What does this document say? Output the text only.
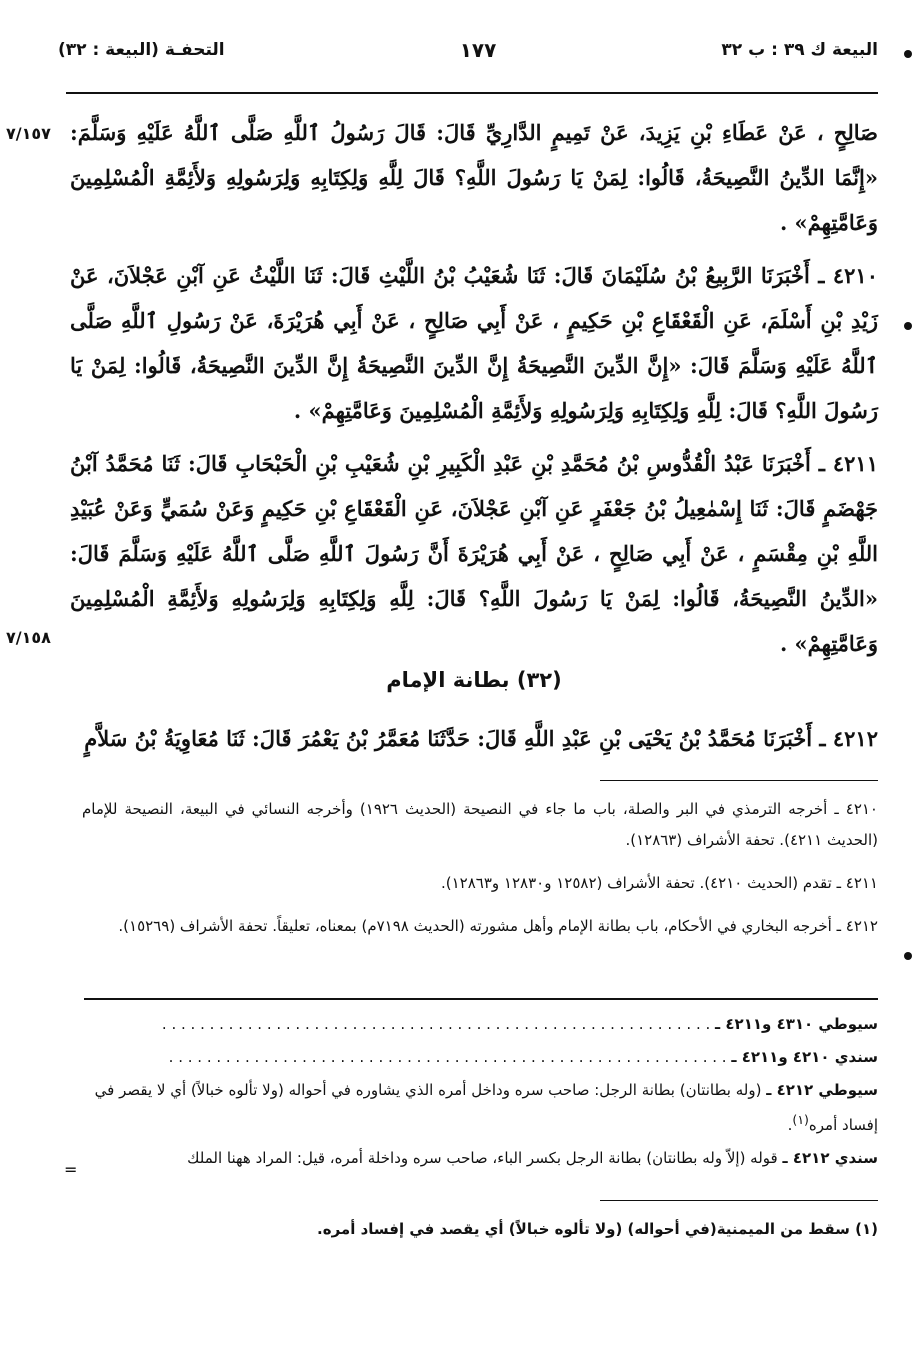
البيعة ك ٣٩ : ب ٣٢
١٧٧
التحفـة (البيعة : ٣٢)
٧/١٥٧
٧/١٥٨

صَالِحٍ ، عَنْ عَطَاءِ بْنِ يَزِيدَ، عَنْ تَمِيمٍ الدَّارِيِّ قَالَ: قَالَ رَسُولُ ٱللَّهِ صَلَّى ٱللَّهُ عَلَيْهِ وَسَلَّمَ: «إِنَّمَا الدِّينُ النَّصِيحَةُ، قَالُوا: لِمَنْ يَا رَسُولَ اللَّهِ؟ قَالَ لِلَّهِ وَلِكِتَابِهِ وَلِرَسُولِهِ وَلأَئِمَّةِ الْمُسْلِمِينَ وَعَامَّتِهِمْ» .

٤٢١٠ ـ أَخْبَرَنَا الرَّبِيعُ بْنُ سُلَيْمَانَ قَالَ: ثَنَا شُعَيْبُ بْنُ اللَّيْثِ قَالَ: ثَنَا اللَّيْثُ عَنِ آبْنِ عَجْلاَنَ، عَنْ زَيْدِ بْنِ أَسْلَمَ، عَنِ الْقَعْقَاعِ بْنِ حَكِيمٍ ، عَنْ أَبِي صَالِحٍ ، عَنْ أَبِي هُرَيْرَةَ، عَنْ رَسُولِ ٱللَّهِ صَلَّى ٱللَّهُ عَلَيْهِ وَسَلَّمَ قَالَ: «إِنَّ الدِّينَ النَّصِيحَةُ إِنَّ الدِّينَ النَّصِيحَةُ إِنَّ الدِّينَ النَّصِيحَةُ، قَالُوا: لِمَنْ يَا رَسُولَ اللَّهِ؟ قَالَ: لِلَّهِ وَلِكِتَابِهِ وَلِرَسُولِهِ وَلأَئِمَّةِ الْمُسْلِمِينَ وَعَامَّتِهِمْ» .

٤٢١١ ـ أَخْبَرَنَا عَبْدُ الْقُدُّوسِ بْنُ مُحَمَّدِ بْنِ عَبْدِ الْكَبِيرِ بْنِ شُعَيْبِ بْنِ الْحَبْحَابِ قَالَ: ثَنَا مُحَمَّدُ آبْنُ جَهْضَمٍ قَالَ: ثَنَا إِسْمٰعِيلُ بْنُ جَعْفَرٍ عَنِ آبْنِ عَجْلاَنَ، عَنِ الْقَعْقَاعِ بْنِ حَكِيمٍ وَعَنْ سُمَيٍّ وَعَنْ عُبَيْدِ اللَّهِ بْنِ مِقْسَمٍ ، عَنْ أَبِي صَالِحٍ ، عَنْ أَبِي هُرَيْرَةَ أَنَّ رَسُولَ ٱللَّهِ صَلَّى ٱللَّهُ عَلَيْهِ وَسَلَّمَ قَالَ: «الدِّينُ النَّصِيحَةُ، قَالُوا: لِمَنْ يَا رَسُولَ اللَّهِ؟ قَالَ: لِلَّهِ وَلِكِتَابِهِ وَلِرَسُولِهِ وَلأَئِمَّةِ الْمُسْلِمِينَ وَعَامَّتِهِمْ» .

(٣٢) بطانة الإمام

٤٢١٢ ـ أَخْبَرَنَا مُحَمَّدُ بْنُ يَحْيَى بْنِ عَبْدِ اللَّهِ قَالَ: حَدَّثَنَا مُعَمَّرُ بْنُ يَعْمُرَ قَالَ: ثَنَا مُعَاوِيَةُ بْنُ سَلاَّمٍ

٤٢١٠ ـ أخرجه الترمذي في البر والصلة، باب ما جاء في النصيحة (الحديث ١٩٢٦) وأخرجه النسائي في البيعة، النصيحة للإمام (الحديث ٤٢١١). تحفة الأشراف (١٢٨٦٣).

٤٢١١ ـ تقدم (الحديث ٤٢١٠). تحفة الأشراف (١٢٥٨٢ و١٢٨٣٠ و١٢٨٦٣).

٤٢١٢ ـ أخرجه البخاري في الأحكام، باب بطانة الإمام وأهل مشورته (الحديث ٧١٩٨م) بمعناه، تعليقاً. تحفة الأشراف (١٥٢٦٩).

سيوطي ٤٣١٠ و٤٢١١ ـ . . . . . . . . . . . . . . . . . . . . . . . . . . . . . . . . . . . . . . . . . . . . . . . . . . . . . . . . . .

سندي ٤٢١٠ و٤٢١١ ـ . . . . . . . . . . . . . . . . . . . . . . . . . . . . . . . . . . . . . . . . . . . . . . . . . . . . . . . . . . .

سيوطي ٤٢١٢ ـ (وله بطانتان) بطانة الرجل: صاحب سره وداخل أمره الذي يشاوره في أحواله (ولا تألوه خبالاً) أي لا يقصر في إفساد أمره$^{(١)}$.

سندي ٤٢١٢ ـ قوله (إلاّ وله بطانتان) بطانة الرجل بكسر الباء، صاحب سره وداخلة أمره، قيل: المراد ههنا الملك

=
(١) سقط من الميمنية(في أحواله) (ولا تألوه خبالاً) أي يقصد في إفساد أمره.
